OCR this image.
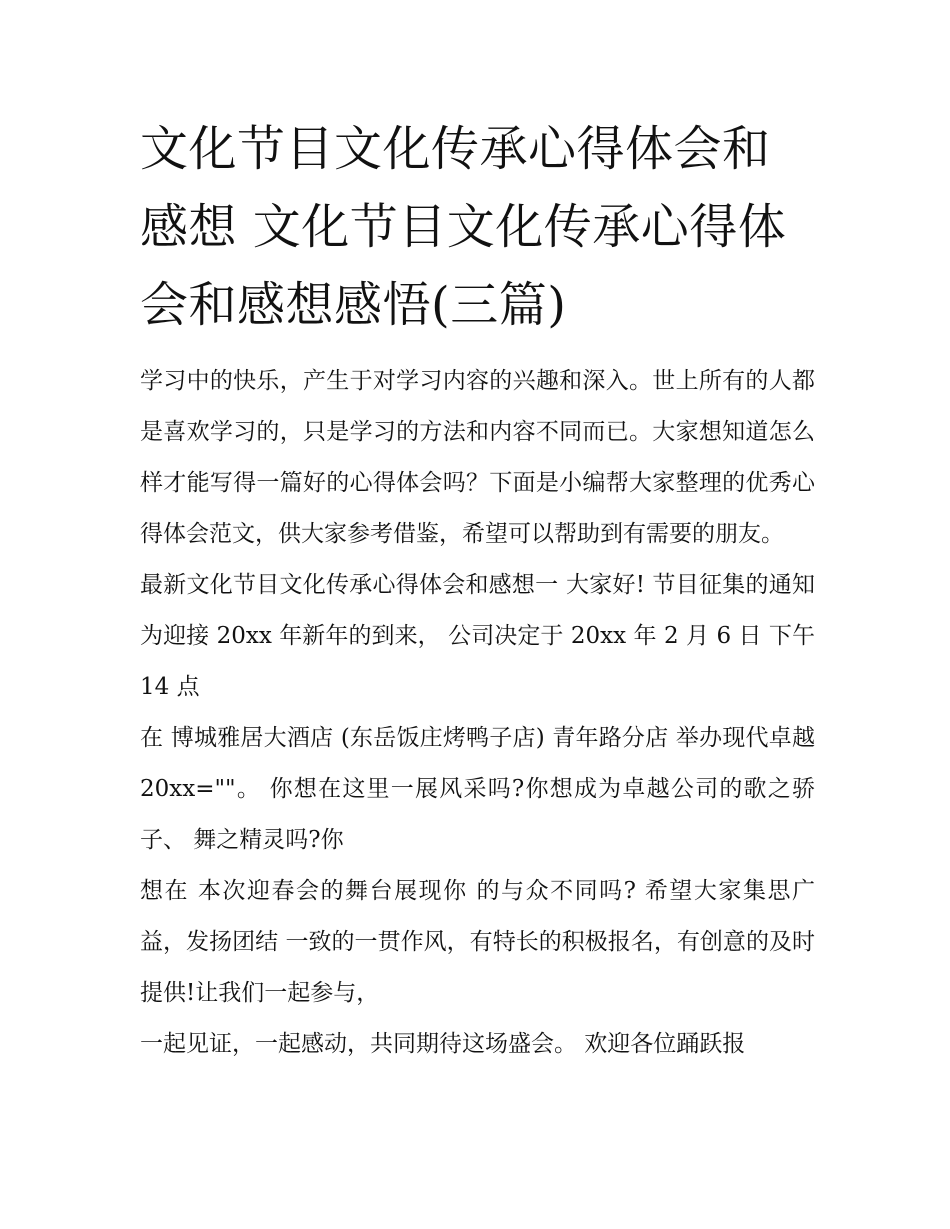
文化节目文化传承心得体会和感想 文化节目文化传承心得体会和感想感悟(三篇)

学习中的快乐，产生于对学习内容的兴趣和深入。世上所有的人都是喜欢学习的，只是学习的方法和内容不同而已。大家想知道怎么样才能写得一篇好的心得体会吗？下面是小编帮大家整理的优秀心得体会范文，供大家参考借鉴，希望可以帮助到有需要的朋友。

最新文化节目文化传承心得体会和感想一 大家好! 节目征集的通知 为迎接 20xx 年新年的到来， 公司决定于 20xx 年 2 月 6 日 下午 14 点

在 博城雅居大酒店 (东岳饭庄烤鸭子店) 青年路分店 举办现代卓越 20xx=""。 你想在这里一展风采吗?你想成为卓越公司的歌之骄子、 舞之精灵吗?你

想在 本次迎春会的舞台展现你 的与众不同吗? 希望大家集思广益，发扬团结 一致的一贯作风，有特长的积极报名，有创意的及时 提供!让我们一起参与，

一起见证，一起感动，共同期待这场盛会。 欢迎各位踊跃报
